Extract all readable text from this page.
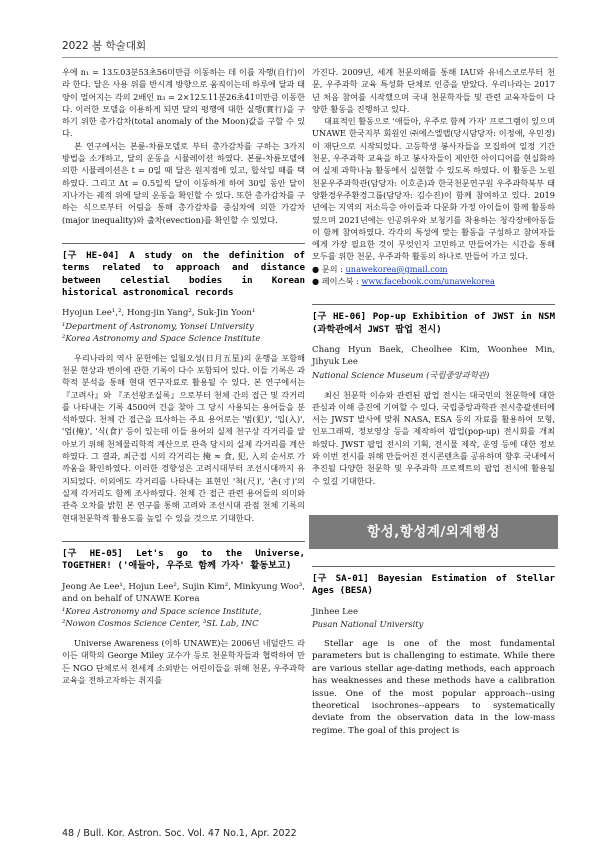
2022 봄 학술대회

우에 n₁ = 13도03분53초56미만큼 이동하는 데 이를 자행(自行)이라 한다. 달은 사용 위를 반시계 방향으로 움직이는데 하루에 달과 태양이 멀어지는 각의 2배인 n₃ = 2×12도11분26초41미만큼 이동한다. 이러한 모델을 이용하게 되면 달의 평행에 대한 실행(實行)을 구하기 위한 총가감차(total anomaly of the Moon)값을 구할 수 있다.

본 연구에서는 본륜-차륜모델로 부터 총가감차를 구하는 3가지 방법을 소개하고, 달의 운동을 시뮬레이션 하였다. 본륜-차륜모델에 의한 시뮬레이션은 t = 0일 때 달은 원지점에 있고, 합삭일 때를 택하였다. 그리고 Δt = 0.5일씩 달이 이동하게 하여 30일 동안 달이 지나가는 궤적 위에 달의 운동을 확인할 수 있다. 또한 총가감차를 구하는 식으로부터 어림을 통해 총가감차를 중심차에 의한 가감차(major inequality)와 출차(evection)를 확인할 수 있었다.

[구 HE-04] A study on the definition of terms related to approach and distance between celestial bodies in Korean historical astronomical records

Hyojun Lee¹,², Hong-jin Yang², Suk-Jin Yoon¹

¹Department of Astronomy, Yonsei University

²Korea Astronomy and Space Science Institute

우리나라의 역사 문헌에는 일월오성(日月五星)의 운행을 포함해 천문 현상과 변이에 관한 기록이 다수 포함되어 있다. 이들 기록은 과학적 분석을 통해 현대 연구자료로 활용될 수 있다. 본 연구에서는 『고려사』와 『조선왕조실록』으로부터 천체 간의 접근 및 각거리를 나타내는 기록 4500여 건을 찾아 그 당시 사용되는 용어들을 분석하였다. 천체 간 접근을 묘사하는 주요 용어로는 '범(犯)', '입(入)', '엄(掩)', '식(食)' 등이 있는데 이들 용어의 실제 천구상 각거리를 알아보기 위해 천체물리학적 계산으로 관측 당시의 실제 각거리를 계산하였다. 그 결과, 최근접 시의 각거리는 掩 ≈ 食, 犯, 入의 순서로 가까움을 확인하였다. 이러한 경향성은 고려시대부터 조선시대까지 유지되었다. 이외에도 각거리를 나타내는 표현인 '척(尺)', '촌(寸)'의 실제 각거리도 함께 조사하였다. 천체 간 접근 관련 용어들의 의미와 관측 오차를 밝힌 본 연구를 통해 고려와 조선시대 관점 천체 기록의 현대천문학적 활용도를 높일 수 있을 것으로 기대한다.

[구 HE-05] Let's go to the Universe, TOGETHER! ('애들아, 우주로 함께 가자' 활동보고)

Jeong Ae Lee¹, Hojun Lee², Sujin Kim², Minkyung Woo³, and on behalf of UNAWE Korea

¹Korea Astronomy and Space science Institute,

²Nowon Cosmos Science Center, ³SL Lab, INC

Universe Awareness (이하 UNAWE)는 2006년 네덜란드 라이든 대학의 George Miley 교수가 등로 천문학자들과 협력하여 만든 NGO 단체로서 전세계 소외받는 어린이들을 위해 천문, 우주과학 교육을 전하고자하는 취지를

가진다. 2009년, 세계 천문의해를 통해 IAU와 유네스코로부터 천문, 우주과학 교육 특성화 단체로 인증을 받았다. 우리나라는 2017년 처음 참여를 시작했으며 국내 천문학자들 및 관련 교육자들이 다양한 활동을 진행하고 있다.

대표적인 활동으로 '애들아, 우주로 함께 가자' 프로그램이 있으며 UNAWE 한국지부 회원인 ㈜에스엘랩(당시담당자: 이정애, 우민경)이 재단으로 시작되었다. 고등학생 봉사자들을 모집하여 일정 기간 천문, 우주과학 교육을 하고 봉사자들이 제안한 아이디어를 현실화하여 실제 과학나눔 활동에서 실현할 수 있도록 하였다. 이 활동은 노원천문우주과학관(담당자: 이호준)과 한국천문연구원 우주과학북부 태양환경우주환경그룹(담당자: 김수진)이 함께 참여하고 있다. 2019년에는 지역의 저소득층 아이들과 다문화 가정 아이들이 함께 활동하였으며 2021년에는 인공위우와 보청기를 착용하는 청각장애아동들이 함께 참여하였다. 각각의 특성에 맞는 활동을 구성하고 참여자들에게 가장 필요한 것이 무엇인지 고민하고 만들어가는 시간을 통해 모두를 위한 천문, 우주과학 활동의 하나로 만들어 가고 있다.

● 문의 : unawekorea@gmail.com

● 페이스북 : www.facebook.com/unawekorea

[구 HE-06] Pop-up Exhibition of JWST in NSM (과학관에서 JWST 팝업 전시)

Chang Hyun Baek, Cheolhee Kim, Woonhee Min, Jihyuk Lee

National Science Museum (국립중앙과학관)

최신 천문학 이슈와 관련된 팝업 전시는 대국민의 천문학에 대한 관심과 이해 증진에 기여할 수 있다. 국립중앙과학관 전시총괄센터에서는 JWST 발사에 맞춰 NASA, ESA 등의 자료를 활용하여 모형, 인포그래픽, 정보영상 등을 제작하여 팝업(pop-up) 전시회를 개최하였다. JWST 팝업 전시의 기획, 전시물 제작, 운영 등에 대한 정보와 이번 전시를 위해 만들어진 전시콘텐츠를 공유하며 향후 국내에서 추진될 다양한 천문학 및 우주과학 프로젝트의 팝업 전시에 활용될 수 있길 기대한다.

항성,항성계/외계행성

[구 SA-01] Bayesian Estimation of Stellar Ages (BESA)

Jinhee Lee

Pusan National University

Stellar age is one of the most fundamental parameters but is challenging to estimate. While there are various stellar age-dating methods, each approach has weaknesses and these methods have a calibration issue. One of the most popular approach--using theoretical isochrones--appears to systematically deviate from the observation data in the low-mass regime. The goal of this project is

48 / Bull. Kor. Astron. Soc. Vol. 47 No.1, Apr. 2022
